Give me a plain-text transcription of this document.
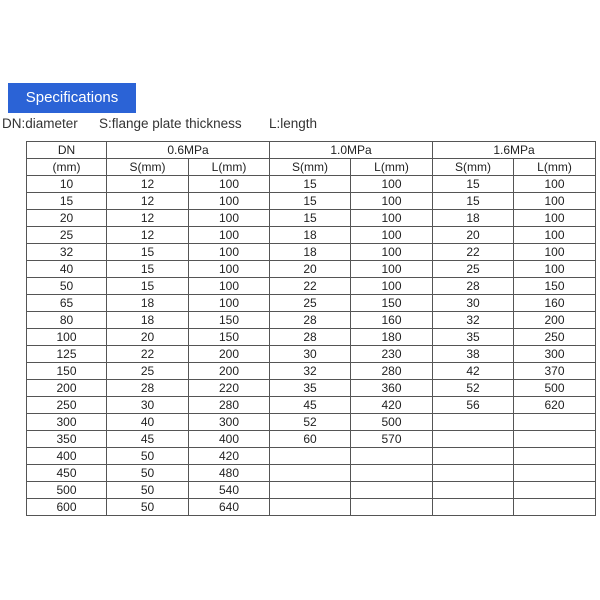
Specifications
DN:diameter S:flange plate thickness L:length
DN	0.6MPa		1.0MPa		1.6MPa	
(mm)	S(mm)	L(mm)	S(mm)	L(mm)	S(mm)	L(mm)
10	12	100	15	100	15	100
15	12	100	15	100	15	100
20	12	100	15	100	18	100
25	12	100	18	100	20	100
32	15	100	18	100	22	100
40	15	100	20	100	25	100
50	15	100	22	100	28	150
65	18	100	25	150	30	160
80	18	150	28	160	32	200
100	20	150	28	180	35	250
125	22	200	30	230	38	300
150	25	200	32	280	42	370
200	28	220	35	360	52	500
250	30	280	45	420	56	620
300	40	300	52	500		
350	45	400	60	570		
400	50	420				
450	50	480				
500	50	540				
600	50	640				
